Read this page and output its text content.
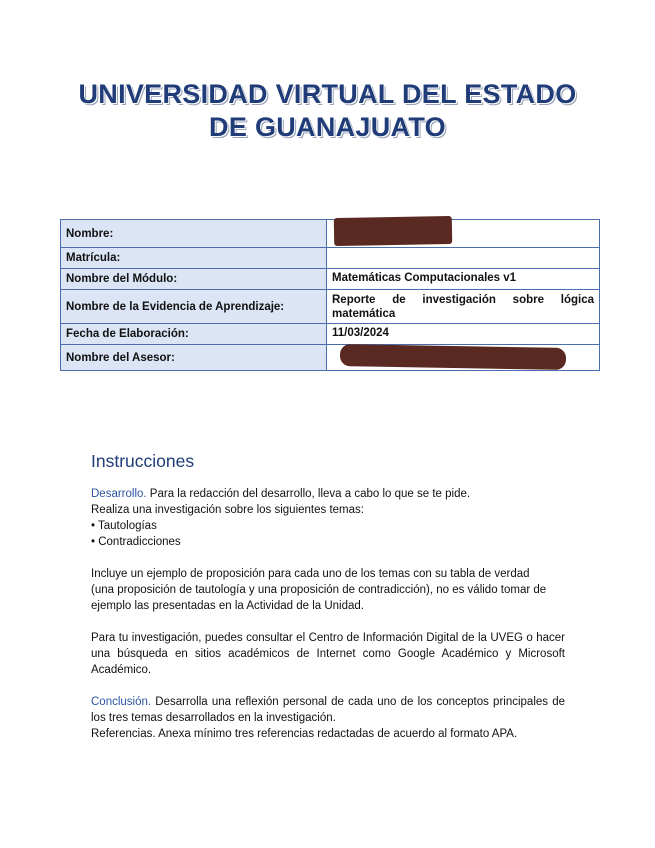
UNIVERSIDAD VIRTUAL DEL ESTADO
DE GUANAJUATO
Nombre:	

Matrícula:	
Nombre del Módulo:	Matemáticas Computacionales v1
Nombre de la Evidencia de Aprendizaje:	Reporte de investigación sobre lógica matemática
Fecha de Elaboración:	11/03/2024
Nombre del Asesor:	
Instrucciones

Desarrollo. Para la redacción del desarrollo, lleva a cabo lo que se te pide.

Realiza una investigación sobre los siguientes temas:

• Tautologías

• Contradicciones

Incluye un ejemplo de proposición para cada uno de los temas con su tabla de verdad

(una proposición de tautología y una proposición de contradicción), no es válido tomar de

ejemplo las presentadas en la Actividad de la Unidad.

Para tu investigación, puedes consultar el Centro de Información Digital de la UVEG o hacer una búsqueda en sitios académicos de Internet como Google Académico y Microsoft Académico.

Conclusión. Desarrolla una reflexión personal de cada uno de los conceptos principales de los tres temas desarrollados en la investigación.

Referencias. Anexa mínimo tres referencias redactadas de acuerdo al formato APA.
